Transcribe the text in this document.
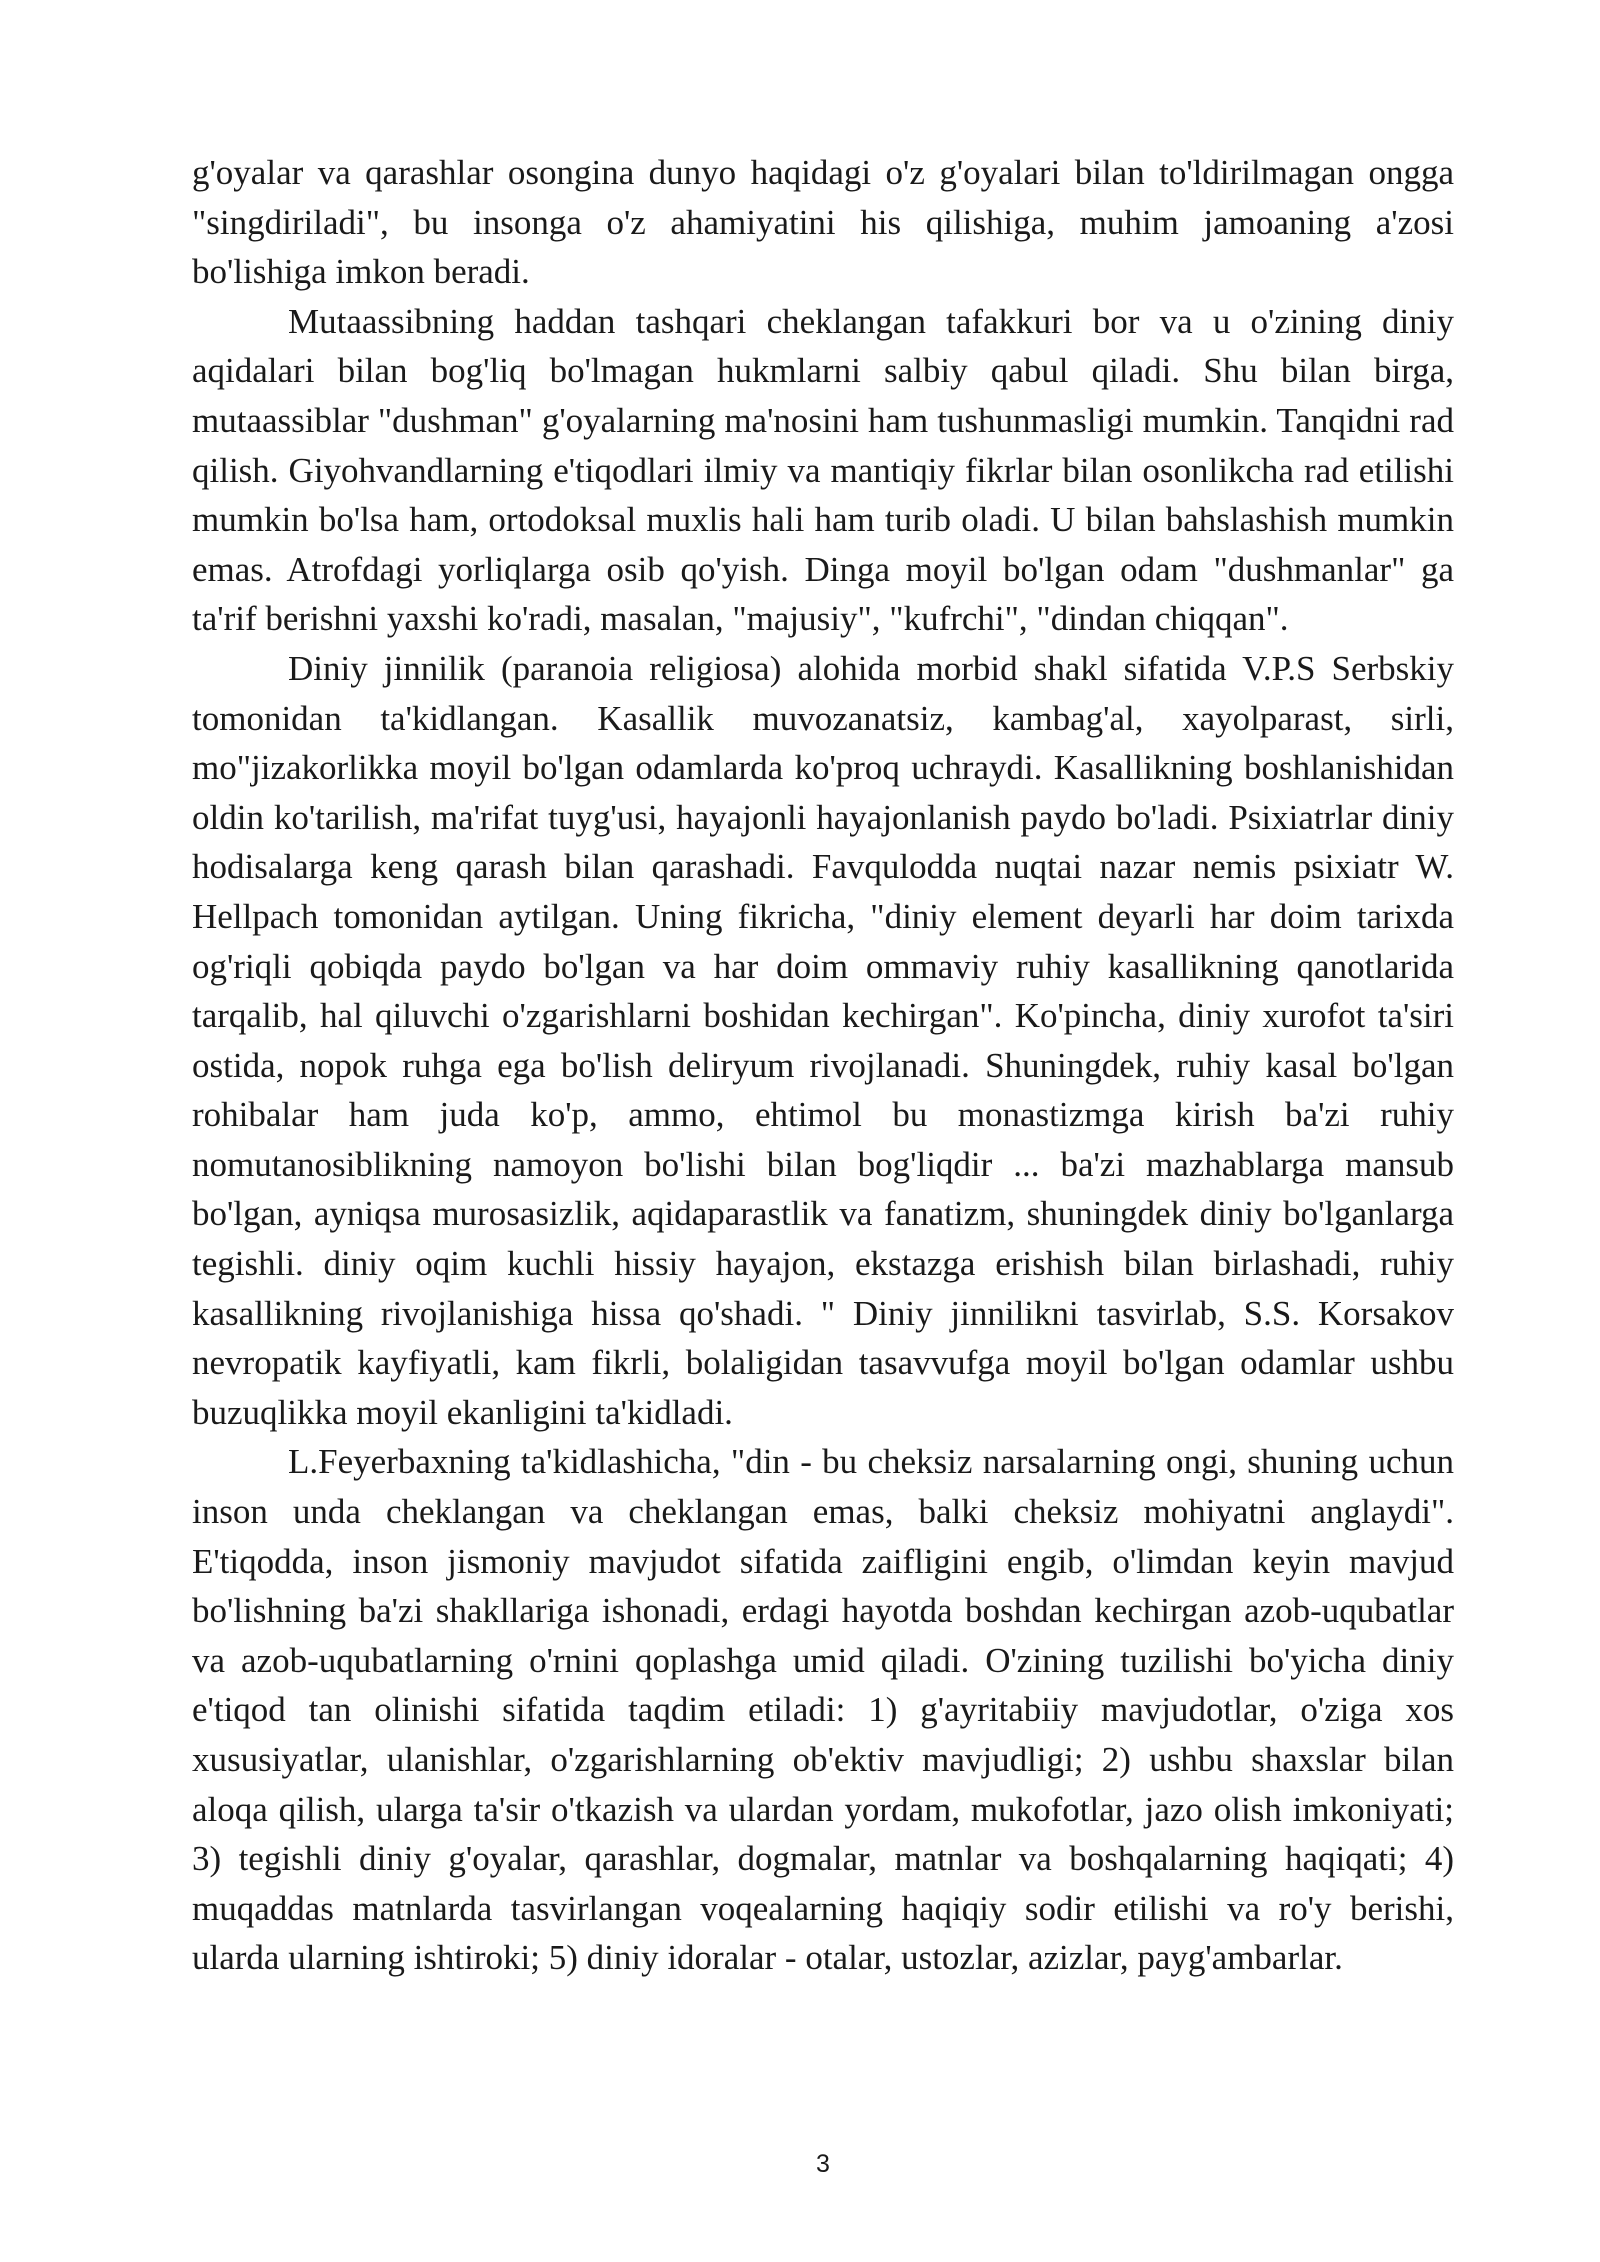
g'oyalar va qarashlar osongina dunyo haqidagi o'z g'oyalari bilan to'ldirilmagan ongga "singdiriladi", bu insonga o'z ahamiyatini his qilishiga, muhim jamoaning a'zosi bo'lishiga imkon beradi.

Mutaassibning haddan tashqari cheklangan tafakkuri bor va u o'zining diniy aqidalari bilan bog'liq bo'lmagan hukmlarni salbiy qabul qiladi. Shu bilan birga, mutaassiblar "dushman" g'oyalarning ma'nosini ham tushunmasligi mumkin. Tanqidni rad qilish. Giyohvandlarning e'tiqodlari ilmiy va mantiqiy fikrlar bilan osonlikcha rad etilishi mumkin bo'lsa ham, ortodoksal muxlis hali ham turib oladi. U bilan bahslashish mumkin emas. Atrofdagi yorliqlarga osib qo'yish. Dinga moyil bo'lgan odam "dushmanlar" ga ta'rif berishni yaxshi ko'radi, masalan, "majusiy", "kufrchi", "dindan chiqqan".

Diniy jinnilik (paranoia religiosa) alohida morbid shakl sifatida V.P.S Serbskiy tomonidan ta'kidlangan. Kasallik muvozanatsiz, kambag'al, xayolparast, sirli, mo"jizakorlikka moyil bo'lgan odamlarda ko'proq uchraydi. Kasallikning boshlanishidan oldin ko'tarilish, ma'rifat tuyg'usi, hayajonli hayajonlanish paydo bo'ladi. Psixiatrlar diniy hodisalarga keng qarash bilan qarashadi. Favqulodda nuqtai nazar nemis psixiatr W. Hellpach tomonidan aytilgan. Uning fikricha, "diniy element deyarli har doim tarixda og'riqli qobiqda paydo bo'lgan va har doim ommaviy ruhiy kasallikning qanotlarida tarqalib, hal qiluvchi o'zgarishlarni boshidan kechirgan". Ko'pincha, diniy xurofot ta'siri ostida, nopok ruhga ega bo'lish deliryum rivojlanadi. Shuningdek, ruhiy kasal bo'lgan rohibalar ham juda ko'p, ammo, ehtimol bu monastizmga kirish ba'zi ruhiy nomutanosiblikning namoyon bo'lishi bilan bog'liqdir ... ba'zi mazhablarga mansub bo'lgan, ayniqsa murosasizlik, aqidaparastlik va fanatizm, shuningdek diniy bo'lganlarga tegishli. diniy oqim kuchli hissiy hayajon, ekstazga erishish bilan birlashadi, ruhiy kasallikning rivojlanishiga hissa qo'shadi. " Diniy jinnilikni tasvirlab, S.S. Korsakov nevropatik kayfiyatli, kam fikrli, bolaligidan tasavvufga moyil bo'lgan odamlar ushbu buzuqlikka moyil ekanligini ta'kidladi.

L.Feyerbaxning ta'kidlashicha, "din - bu cheksiz narsalarning ongi, shuning uchun inson unda cheklangan va cheklangan emas, balki cheksiz mohiyatni anglaydi". E'tiqodda, inson jismoniy mavjudot sifatida zaifligini engib, o'limdan keyin mavjud bo'lishning ba'zi shakllariga ishonadi, erdagi hayotda boshdan kechirgan azob-uqubatlar va azob-uqubatlarning o'rnini qoplashga umid qiladi. O'zining tuzilishi bo'yicha diniy e'tiqod tan olinishi sifatida taqdim etiladi: 1) g'ayritabiiy mavjudotlar, o'ziga xos xususiyatlar, ulanishlar, o'zgarishlarning ob'ektiv mavjudligi; 2) ushbu shaxslar bilan aloqa qilish, ularga ta'sir o'tkazish va ulardan yordam, mukofotlar, jazo olish imkoniyati; 3) tegishli diniy g'oyalar, qarashlar, dogmalar, matnlar va boshqalarning haqiqati; 4) muqaddas matnlarda tasvirlangan voqealarning haqiqiy sodir etilishi va ro'y berishi, ularda ularning ishtiroki; 5) diniy idoralar - otalar, ustozlar, azizlar, payg'ambarlar.

3
